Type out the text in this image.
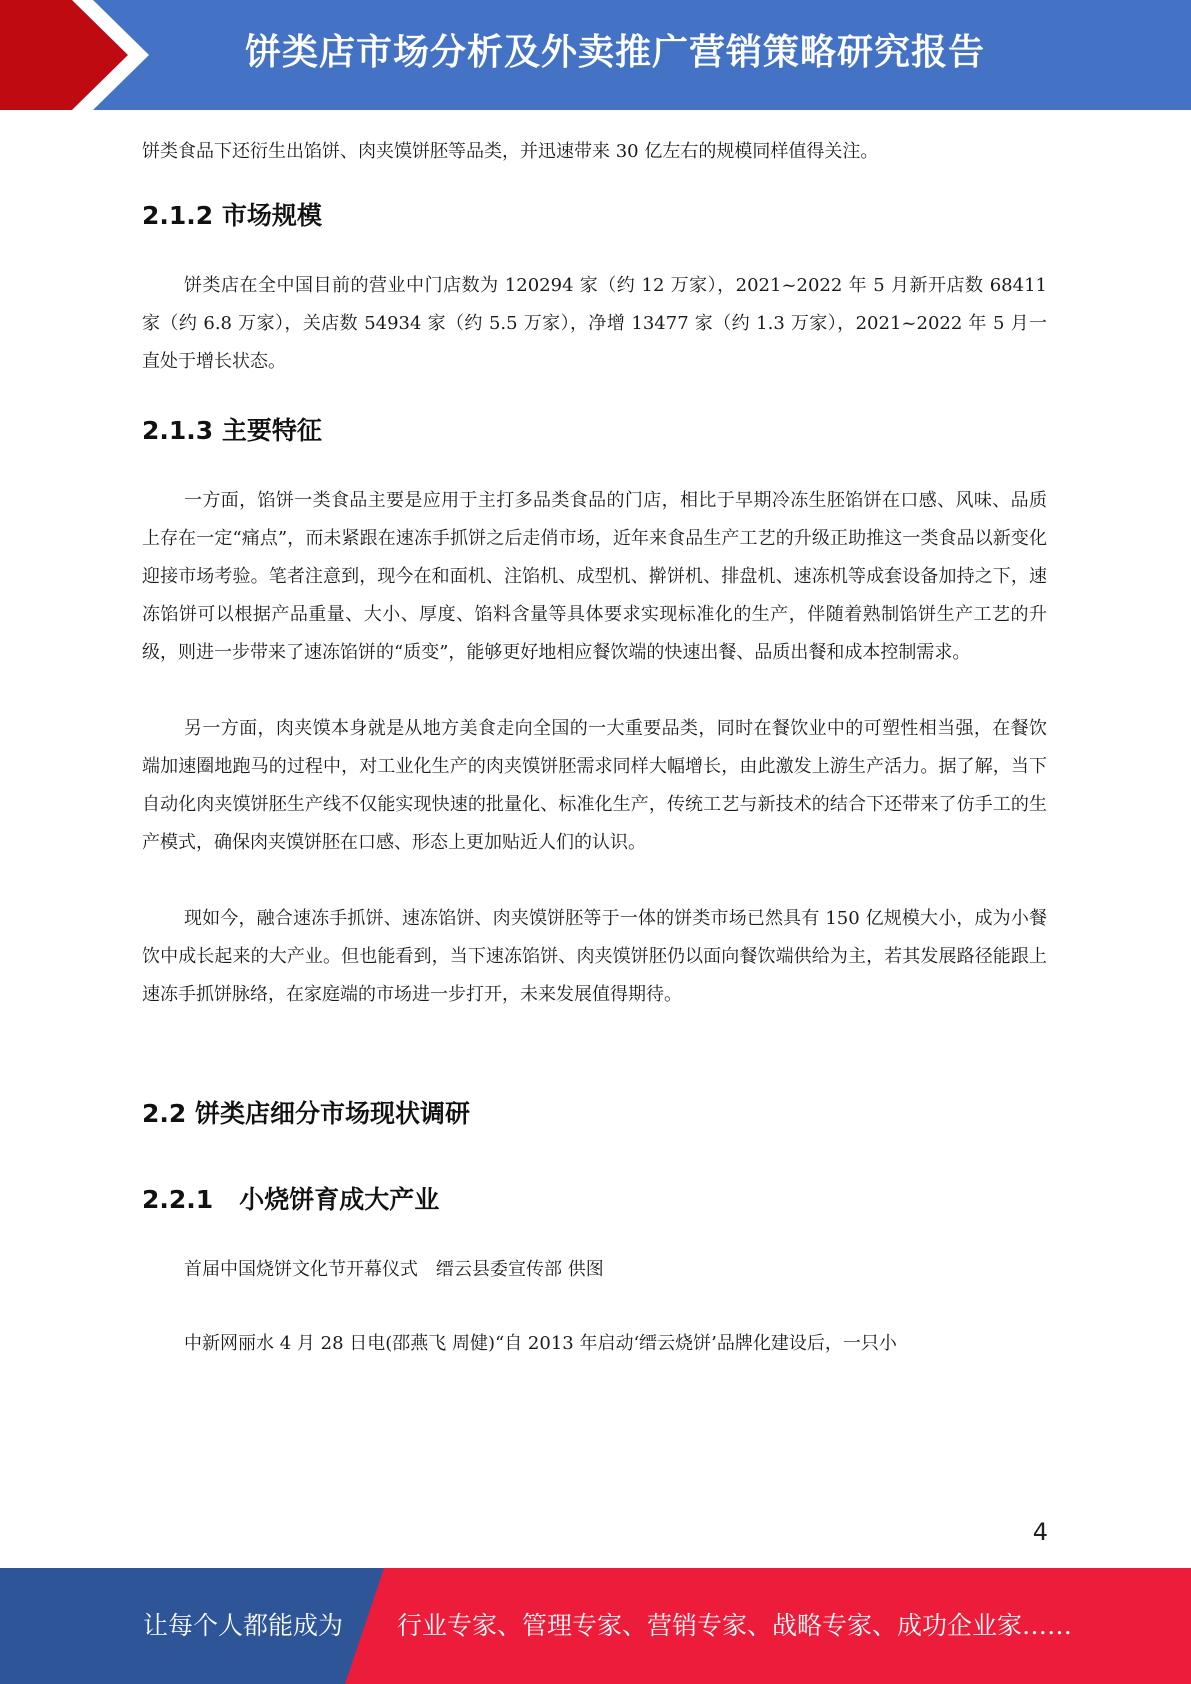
饼类店市场分析及外卖推广营销策略研究报告

饼类食品下还衍生出馅饼、肉夹馍饼胚等品类，并迅速带来 30 亿左右的规模同样值得关注。

2.1.2 市场规模

饼类店在全中国目前的营业中门店数为 120294 家（约 12 万家），2021~2022 年 5 月新开店数 68411 家（约 6.8 万家），关店数 54934 家（约 5.5 万家），净增 13477 家（约 1.3 万家），2021~2022 年 5 月一直处于增长状态。

2.1.3 主要特征

一方面，馅饼一类食品主要是应用于主打多品类食品的门店，相比于早期冷冻生胚馅饼在口感、风味、品质上存在一定“痛点”，而未紧跟在速冻手抓饼之后走俏市场，近年来食品生产工艺的升级正助推这一类食品以新变化迎接市场考验。笔者注意到，现今在和面机、注馅机、成型机、擀饼机、排盘机、速冻机等成套设备加持之下，速冻馅饼可以根据产品重量、大小、厚度、馅料含量等具体要求实现标准化的生产，伴随着熟制馅饼生产工艺的升级，则进一步带来了速冻馅饼的“质变”，能够更好地相应餐饮端的快速出餐、品质出餐和成本控制需求。

另一方面，肉夹馍本身就是从地方美食走向全国的一大重要品类，同时在餐饮业中的可塑性相当强，在餐饮端加速圈地跑马的过程中，对工业化生产的肉夹馍饼胚需求同样大幅增长，由此激发上游生产活力。据了解，当下自动化肉夹馍饼胚生产线不仅能实现快速的批量化、标准化生产，传统工艺与新技术的结合下还带来了仿手工的生产模式，确保肉夹馍饼胚在口感、形态上更加贴近人们的认识。

现如今，融合速冻手抓饼、速冻馅饼、肉夹馍饼胚等于一体的饼类市场已然具有 150 亿规模大小，成为小餐饮中成长起来的大产业。但也能看到，当下速冻馅饼、肉夹馍饼胚仍以面向餐饮端供给为主，若其发展路径能跟上速冻手抓饼脉络，在家庭端的市场进一步打开，未来发展值得期待。

2.2 饼类店细分市场现状调研
2.2.1   小烧饼育成大产业

首届中国烧饼文化节开幕仪式　缙云县委宣传部 供图

中新网丽水 4 月 28 日电(邵燕飞 周健)“自 2013 年启动‘缙云烧饼’品牌化建设后，一只小

4
让每个人都能成为 行业专家、管理专家、营销专家、战略专家、成功企业家……
